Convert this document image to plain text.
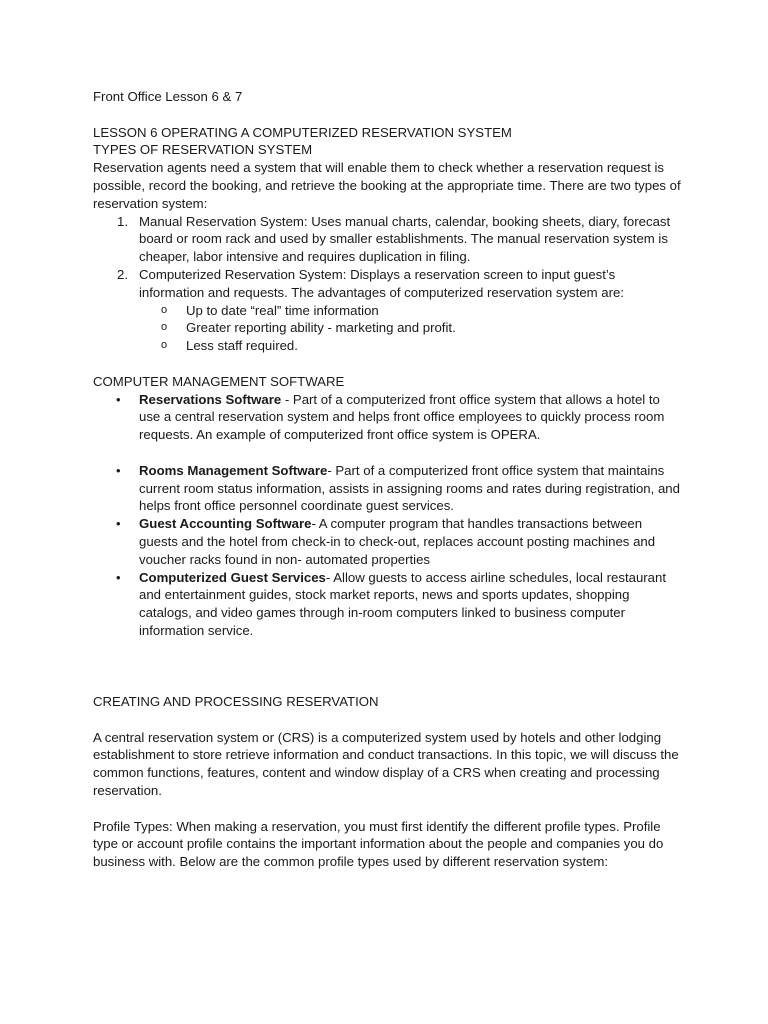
Front Office Lesson 6 & 7

LESSON 6 OPERATING A COMPUTERIZED RESERVATION SYSTEM

TYPES OF RESERVATION SYSTEM

Reservation agents need a system that will enable them to check whether a reservation request is possible, record the booking, and retrieve the booking at the appropriate time. There are two types of reservation system:

1. Manual Reservation System: Uses manual charts, calendar, booking sheets, diary, forecast board or room rack and used by smaller establishments. The manual reservation system is cheaper, labor intensive and requires duplication in filing.
2. Computerized Reservation System: Displays a reservation screen to input guest’s information and requests. The advantages of computerized reservation system are:
o Up to date “real” time information
o Greater reporting ability - marketing and profit.
o Less staff required.

COMPUTER MANAGEMENT SOFTWARE

• Reservations Software - Part of a computerized front office system that allows a hotel to use a central reservation system and helps front office employees to quickly process room requests. An example of computerized front office system is OPERA.
• Rooms Management Software- Part of a computerized front office system that maintains current room status information, assists in assigning rooms and rates during registration, and helps front office personnel coordinate guest services.
• Guest Accounting Software- A computer program that handles transactions between guests and the hotel from check-in to check-out, replaces account posting machines and voucher racks found in non- automated properties
• Computerized Guest Services- Allow guests to access airline schedules, local restaurant and entertainment guides, stock market reports, news and sports updates, shopping catalogs, and video games through in-room computers linked to business computer information service.

CREATING AND PROCESSING RESERVATION

A central reservation system or (CRS) is a computerized system used by hotels and other lodging establishment to store retrieve information and conduct transactions. In this topic, we will discuss the common functions, features, content and window display of a CRS when creating and processing reservation.

Profile Types: When making a reservation, you must first identify the different profile types. Profile type or account profile contains the important information about the people and companies you do business with. Below are the common profile types used by different reservation system:
